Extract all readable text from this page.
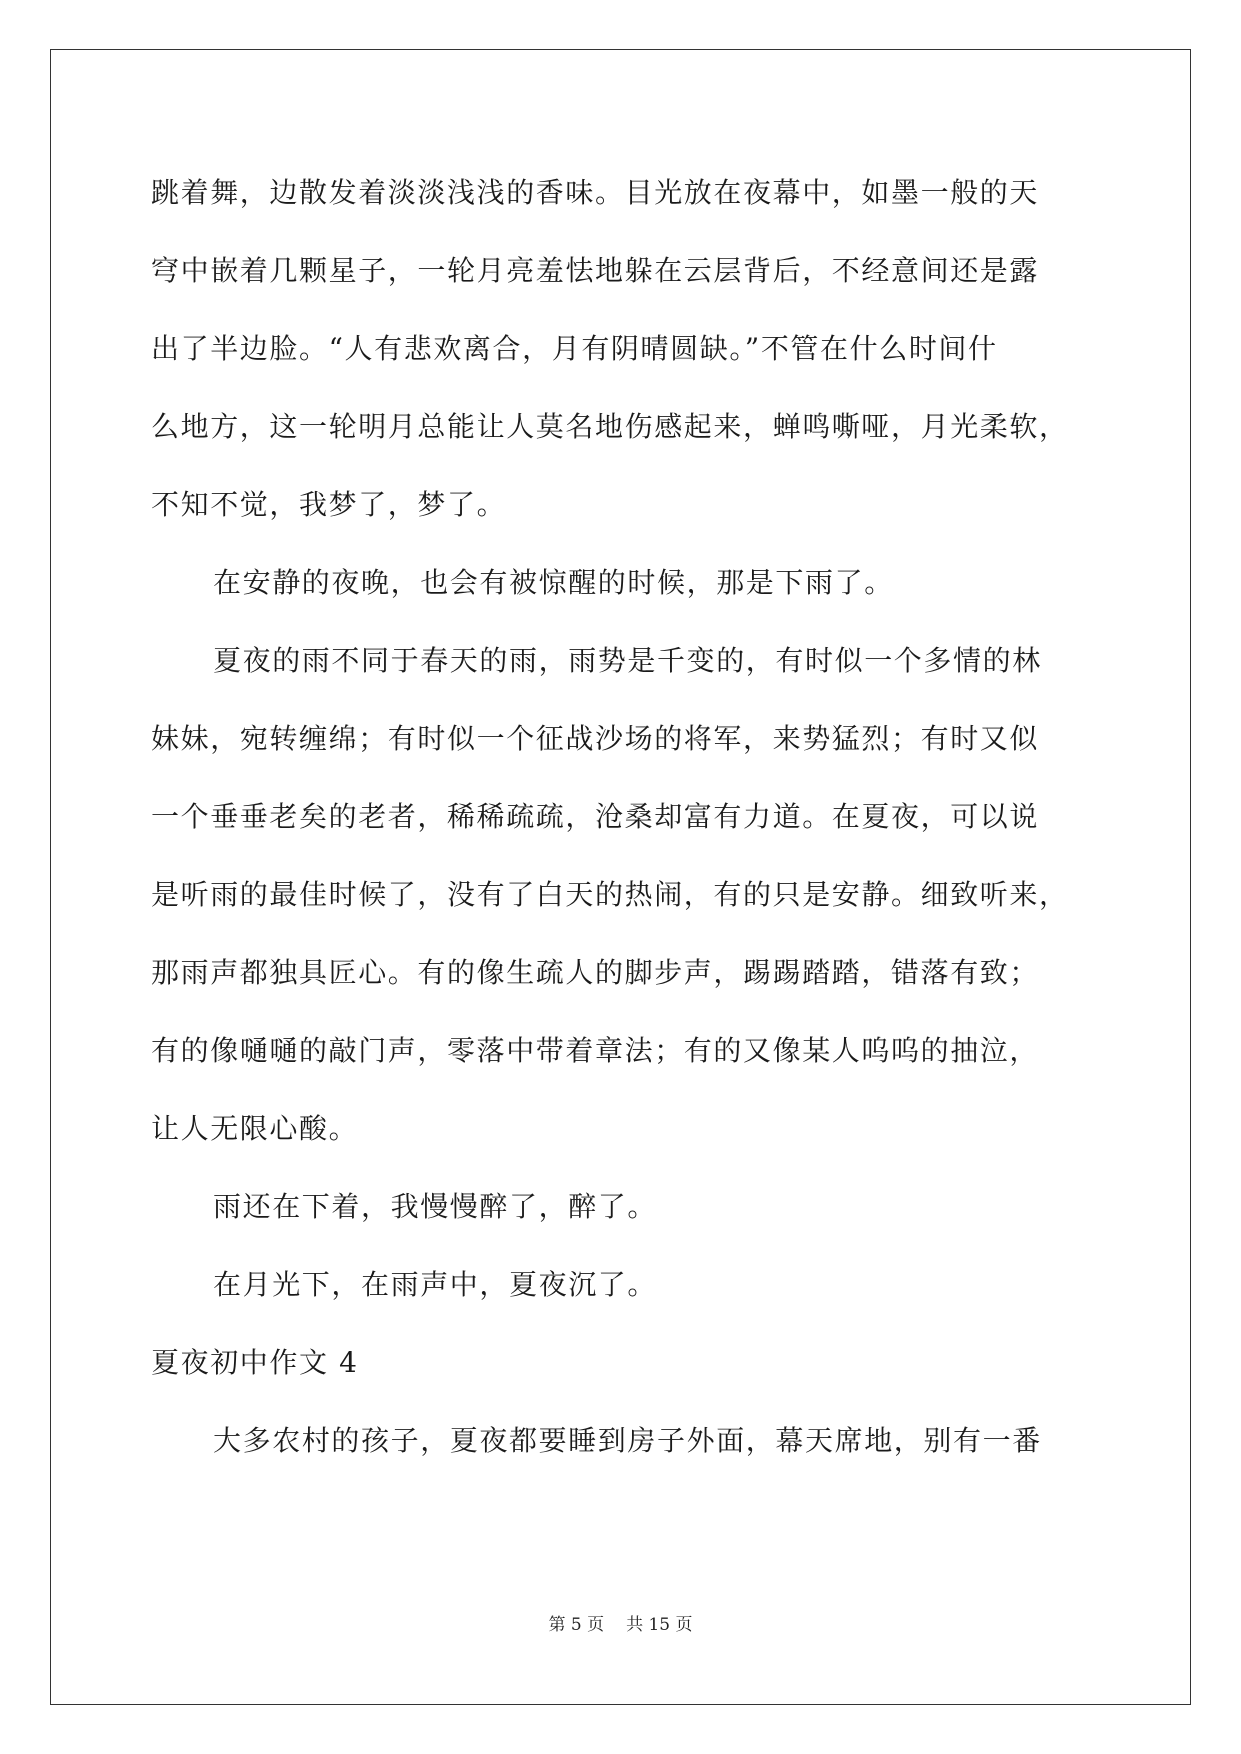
跳着舞，边散发着淡淡浅浅的香味。目光放在夜幕中，如墨一般的天
穹中嵌着几颗星子，一轮月亮羞怯地躲在云层背后，不经意间还是露
出了半边脸。“人有悲欢离合，月有阴晴圆缺。”不管在什么时间什
么地方，这一轮明月总能让人莫名地伤感起来，蝉鸣嘶哑，月光柔软，
不知不觉，我梦了，梦了。
在安静的夜晚，也会有被惊醒的时候，那是下雨了。
夏夜的雨不同于春天的雨，雨势是千变的，有时似一个多情的林
妹妹，宛转缠绵；有时似一个征战沙场的将军，来势猛烈；有时又似
一个垂垂老矣的老者，稀稀疏疏，沧桑却富有力道。在夏夜，可以说
是听雨的最佳时候了，没有了白天的热闹，有的只是安静。细致听来，
那雨声都独具匠心。有的像生疏人的脚步声，踢踢踏踏，错落有致；
有的像嗵嗵的敲门声，零落中带着章法；有的又像某人呜呜的抽泣，
让人无限心酸。
雨还在下着，我慢慢醉了，醉了。
在月光下，在雨声中，夏夜沉了。
夏夜初中作文 4
大多农村的孩子，夏夜都要睡到房子外面，幕天席地，别有一番
第 5 页 共 15 页
